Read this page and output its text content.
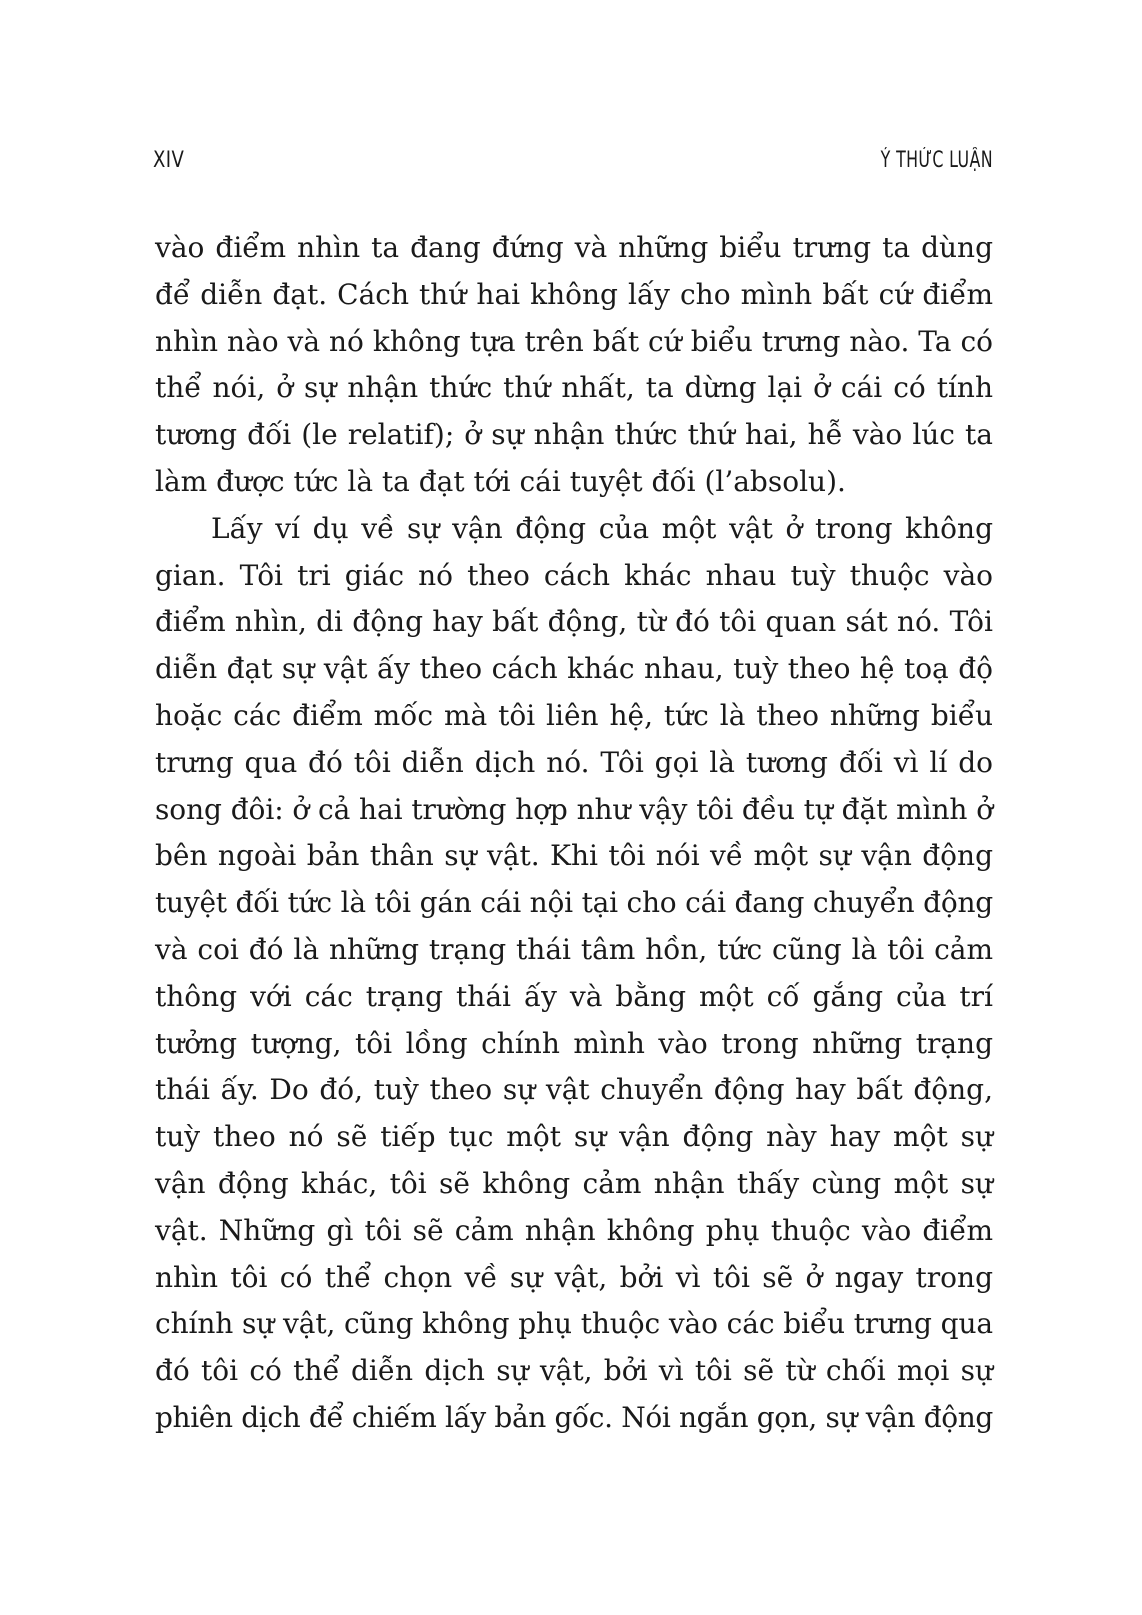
XIV	Ý THỨC LUẬN
vào điểm nhìn ta đang đứng và những biểu trưng ta dùng
để diễn đạt. Cách thứ hai không lấy cho mình bất cứ điểm
nhìn nào và nó không tựa trên bất cứ biểu trưng nào. Ta có
thể nói, ở sự nhận thức thứ nhất, ta dừng lại ở cái có tính
tương đối (le relatif); ở sự nhận thức thứ hai, hễ vào lúc ta
làm được tức là ta đạt tới cái tuyệt đối (l’absolu).
Lấy ví dụ về sự vận động của một vật ở trong không
gian. Tôi tri giác nó theo cách khác nhau tuỳ thuộc vào
điểm nhìn, di động hay bất động, từ đó tôi quan sát nó. Tôi
diễn đạt sự vật ấy theo cách khác nhau, tuỳ theo hệ toạ độ
hoặc các điểm mốc mà tôi liên hệ, tức là theo những biểu
trưng qua đó tôi diễn dịch nó. Tôi gọi là tương đối vì lí do
song đôi: ở cả hai trường hợp như vậy tôi đều tự đặt mình ở
bên ngoài bản thân sự vật. Khi tôi nói về một sự vận động
tuyệt đối tức là tôi gán cái nội tại cho cái đang chuyển động
và coi đó là những trạng thái tâm hồn, tức cũng là tôi cảm
thông với các trạng thái ấy và bằng một cố gắng của trí
tưởng tượng, tôi lồng chính mình vào trong những trạng
thái ấy. Do đó, tuỳ theo sự vật chuyển động hay bất động,
tuỳ theo nó sẽ tiếp tục một sự vận động này hay một sự
vận động khác, tôi sẽ không cảm nhận thấy cùng một sự
vật. Những gì tôi sẽ cảm nhận không phụ thuộc vào điểm
nhìn tôi có thể chọn về sự vật, bởi vì tôi sẽ ở ngay trong
chính sự vật, cũng không phụ thuộc vào các biểu trưng qua
đó tôi có thể diễn dịch sự vật, bởi vì tôi sẽ từ chối mọi sự
phiên dịch để chiếm lấy bản gốc. Nói ngắn gọn, sự vận động
